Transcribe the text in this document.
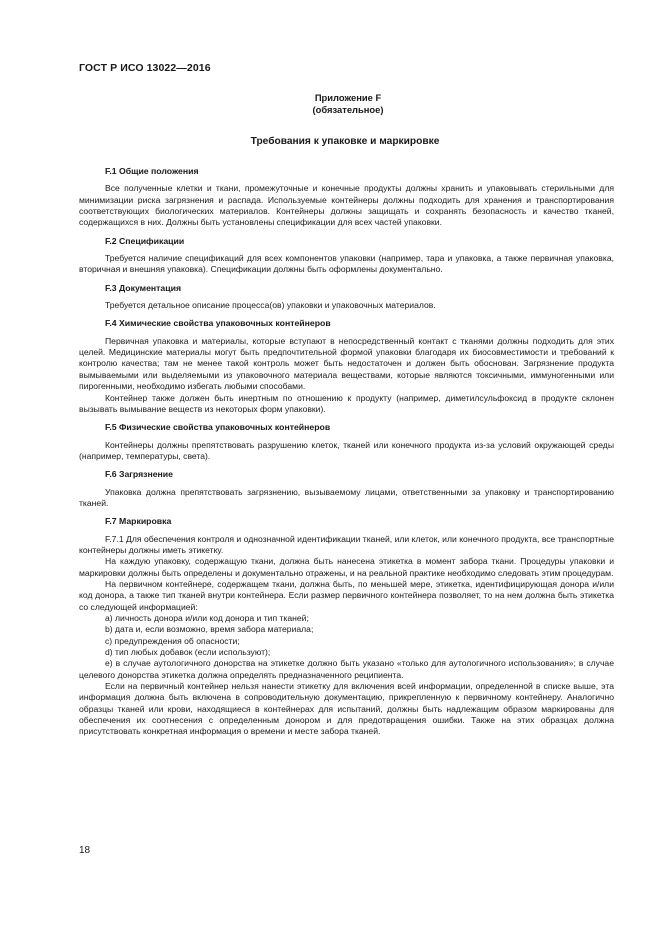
ГОСТ Р ИСО 13022—2016
Приложение F
(обязательное)
Требования к упаковке и маркировке

F.1 Общие положения

Все полученные клетки и ткани, промежуточные и конечные продукты должны хранить и упаковывать стерильными для минимизации риска загрязнения и распада. Используемые контейнеры должны подходить для хранения и транспортирования соответствующих биологических материалов. Контейнеры должны защищать и сохранять безопасность и качество тканей, содержащихся в них. Должны быть установлены спецификации для всех частей упаковки.

F.2 Спецификации

Требуется наличие спецификаций для всех компонентов упаковки (например, тара и упаковка, а также первичная упаковка, вторичная и внешняя упаковка). Спецификации должны быть оформлены документально.

F.3 Документация

Требуется детальное описание процесса(ов) упаковки и упаковочных материалов.

F.4 Химические свойства упаковочных контейнеров

Первичная упаковка и материалы, которые вступают в непосредственный контакт с тканями должны подходить для этих целей. Медицинские материалы могут быть предпочтительной формой упаковки благодаря их биосовместимости и требований к контролю качества; там не менее такой контроль может быть недостаточен и должен быть обоснован. Загрязнение продукта вымываемыми или выделяемыми из упаковочного материала веществами, которые являются токсичными, иммуногенными или пирогенными, необходимо избегать любыми способами.

Контейнер также должен быть инертным по отношению к продукту (например, диметилсульфоксид в продукте склонен вызывать вымывание веществ из некоторых форм упаковки).

F.5 Физические свойства упаковочных контейнеров

Контейнеры должны препятствовать разрушению клеток, тканей или конечного продукта из-за условий окружающей среды (например, температуры, света).

F.6 Загрязнение

Упаковка должна препятствовать загрязнению, вызываемому лицами, ответственными за упаковку и транспортированию тканей.

F.7 Маркировка

F.7.1 Для обеспечения контроля и однозначной идентификации тканей, или клеток, или конечного продукта, все транспортные контейнеры должны иметь этикетку.

На каждую упаковку, содержащую ткани, должна быть нанесена этикетка в момент забора ткани. Процедуры упаковки и маркировки должны быть определены и документально отражены, и на реальной практике необходимо следовать этим процедурам.

На первичном контейнере, содержащем ткани, должна быть, по меньшей мере, этикетка, идентифицирующая донора и/или код донора, а также тип тканей внутри контейнера. Если размер первичного контейнера позволяет, то на нем должна быть этикетка со следующей информацией:

a) личность донора и/или код донора и тип тканей;

b) дата и, если возможно, время забора материала;

c) предупреждения об опасности;

d) тип любых добавок (если используют);

e) в случае аутологичного донорства на этикетке должно быть указано «только для аутологичного использования»; в случае целевого донорства этикетка должна определять предназначенного реципиента.

Если на первичный контейнер нельзя нанести этикетку для включения всей информации, определенной в списке выше, эта информация должна быть включена в сопроводительную документацию, прикрепленную к первичному контейнеру. Аналогично образцы тканей или крови, находящиеся в контейнерах для испытаний, должны быть надлежащим образом маркированы для обеспечения их соотнесения с определенным донором и для предотвращения ошибки. Также на этих образцах должна присутствовать конкретная информация о времени и месте забора тканей.

18
